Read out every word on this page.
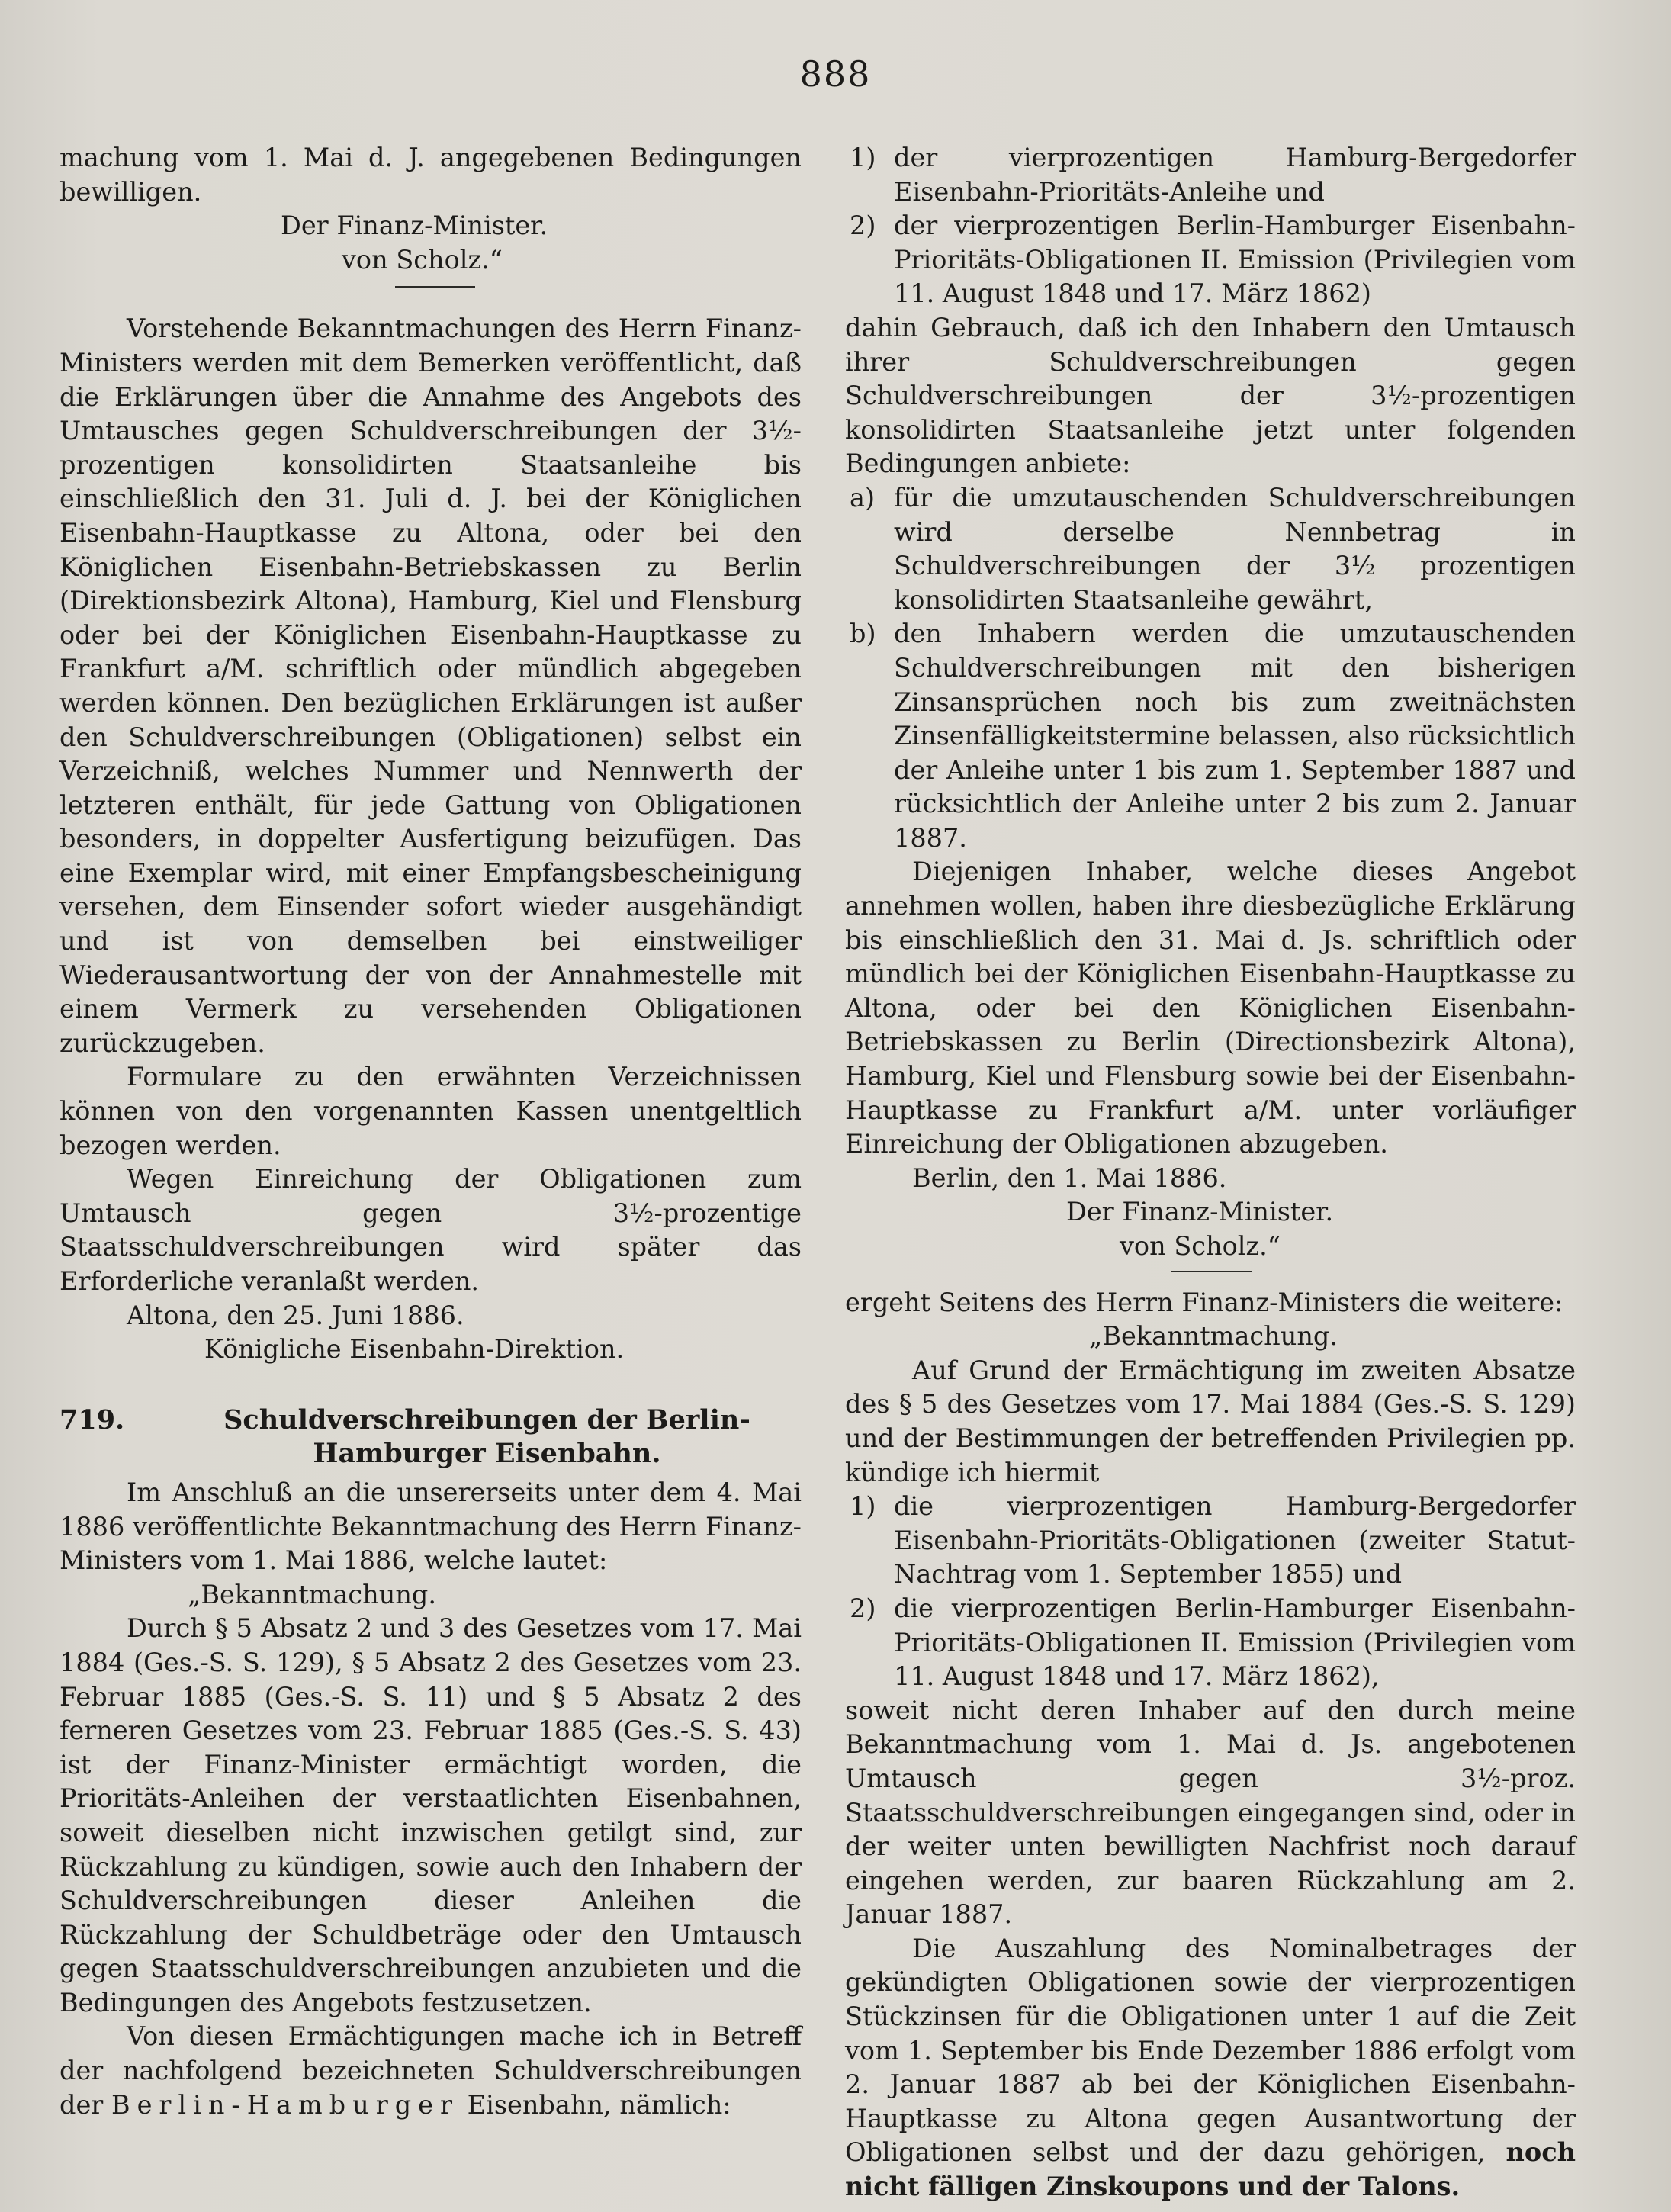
888

machung vom 1. Mai d. J. angegebenen Bedingungen bewilligen.

Der Finanz-Minister.

von Scholz.“

Vorstehende Bekanntmachungen des Herrn Finanz-Ministers werden mit dem Bemerken veröffentlicht, daß die Erklärungen über die Annahme des Angebots des Umtausches gegen Schuldverschreibungen der 3½-prozentigen konsolidirten Staatsanleihe bis einschließlich den 31. Juli d. J. bei der Königlichen Eisenbahn-Hauptkasse zu Altona, oder bei den Königlichen Eisenbahn-Betriebskassen zu Berlin (Direktionsbezirk Altona), Hamburg, Kiel und Flensburg oder bei der Königlichen Eisenbahn-Hauptkasse zu Frankfurt a/M. schriftlich oder mündlich abgegeben werden können. Den bezüglichen Erklärungen ist außer den Schuldverschreibungen (Obligationen) selbst ein Verzeichniß, welches Nummer und Nennwerth der letzteren enthält, für jede Gattung von Obligationen besonders, in doppelter Ausfertigung beizufügen. Das eine Exemplar wird, mit einer Empfangsbescheinigung versehen, dem Einsender sofort wieder ausgehändigt und ist von demselben bei einstweiliger Wiederausantwortung der von der Annahmestelle mit einem Vermerk zu versehenden Obligationen zurückzugeben.

Formulare zu den erwähnten Verzeichnissen können von den vorgenannten Kassen unentgeltlich bezogen werden.

Wegen Einreichung der Obligationen zum Umtausch gegen 3½-prozentige Staatsschuldverschreibungen wird später das Erforderliche veranlaßt werden.

Altona, den 25. Juni 1886.

Königliche Eisenbahn-Direktion.

719.	Schuldverschreibungen der Berlin-Hamburger Eisenbahn.

Im Anschluß an die unsererseits unter dem 4. Mai 1886 veröffentlichte Bekanntmachung des Herrn Finanz-Ministers vom 1. Mai 1886, welche lautet:

„Bekanntmachung.

Durch § 5 Absatz 2 und 3 des Gesetzes vom 17. Mai 1884 (Ges.-S. S. 129), § 5 Absatz 2 des Gesetzes vom 23. Februar 1885 (Ges.-S. S. 11) und § 5 Absatz 2 des ferneren Gesetzes vom 23. Februar 1885 (Ges.-S. S. 43) ist der Finanz-Minister ermächtigt worden, die Prioritäts-Anleihen der verstaatlichten Eisenbahnen, soweit dieselben nicht inzwischen getilgt sind, zur Rückzahlung zu kündigen, sowie auch den Inhabern der Schuldverschreibungen dieser Anleihen die Rückzahlung der Schuldbeträge oder den Umtausch gegen Staatsschuldverschreibungen anzubieten und die Bedingungen des Angebots festzusetzen.

Von diesen Ermächtigungen mache ich in Betreff der nachfolgend bezeichneten Schuldverschreibungen der Berlin-Hamburger Eisenbahn, nämlich:

1) der vierprozentigen Hamburg-Bergedorfer Eisenbahn-Prioritäts-Anleihe und
2) der vierprozentigen Berlin-Hamburger Eisenbahn-Prioritäts-Obligationen II. Emission (Privilegien vom 11. August 1848 und 17. März 1862)

dahin Gebrauch, daß ich den Inhabern den Umtausch ihrer Schuldverschreibungen gegen Schuldverschreibungen der 3½-prozentigen konsolidirten Staatsanleihe jetzt unter folgenden Bedingungen anbiete:

a) für die umzutauschenden Schuldverschreibungen wird derselbe Nennbetrag in Schuldverschreibungen der 3½ prozentigen konsolidirten Staatsanleihe gewährt,
b) den Inhabern werden die umzutauschenden Schuldverschreibungen mit den bisherigen Zinsansprüchen noch bis zum zweitnächsten Zinsenfälligkeitstermine belassen, also rücksichtlich der Anleihe unter 1 bis zum 1. September 1887 und rücksichtlich der Anleihe unter 2 bis zum 2. Januar 1887.

Diejenigen Inhaber, welche dieses Angebot annehmen wollen, haben ihre diesbezügliche Erklärung bis einschließlich den 31. Mai d. Js. schriftlich oder mündlich bei der Königlichen Eisenbahn-Hauptkasse zu Altona, oder bei den Königlichen Eisenbahn-Betriebskassen zu Berlin (Directionsbezirk Altona), Hamburg, Kiel und Flensburg sowie bei der Eisenbahn-Hauptkasse zu Frankfurt a/M. unter vorläufiger Einreichung der Obligationen abzugeben.

Berlin, den 1. Mai 1886.

Der Finanz-Minister.

von Scholz.“

ergeht Seitens des Herrn Finanz-Ministers die weitere:

„Bekanntmachung.

Auf Grund der Ermächtigung im zweiten Absatze des § 5 des Gesetzes vom 17. Mai 1884 (Ges.-S. S. 129) und der Bestimmungen der betreffenden Privilegien pp. kündige ich hiermit

1) die vierprozentigen Hamburg-Bergedorfer Eisenbahn-Prioritäts-Obligationen (zweiter Statut-Nachtrag vom 1. September 1855) und
2) die vierprozentigen Berlin-Hamburger Eisenbahn-Prioritäts-Obligationen II. Emission (Privilegien vom 11. August 1848 und 17. März 1862),

soweit nicht deren Inhaber auf den durch meine Bekanntmachung vom 1. Mai d. Js. angebotenen Umtausch gegen 3½-proz. Staatsschuldverschreibungen eingegangen sind, oder in der weiter unten bewilligten Nachfrist noch darauf eingehen werden, zur baaren Rückzahlung am 2. Januar 1887.

Die Auszahlung des Nominalbetrages der gekündigten Obligationen sowie der vierprozentigen Stückzinsen für die Obligationen unter 1 auf die Zeit vom 1. September bis Ende Dezember 1886 erfolgt vom 2. Januar 1887 ab bei der Königlichen Eisenbahn-Hauptkasse zu Altona gegen Ausantwortung der Obligationen selbst und der dazu gehörigen, noch nicht fälligen Zinskoupons und der Talons.
